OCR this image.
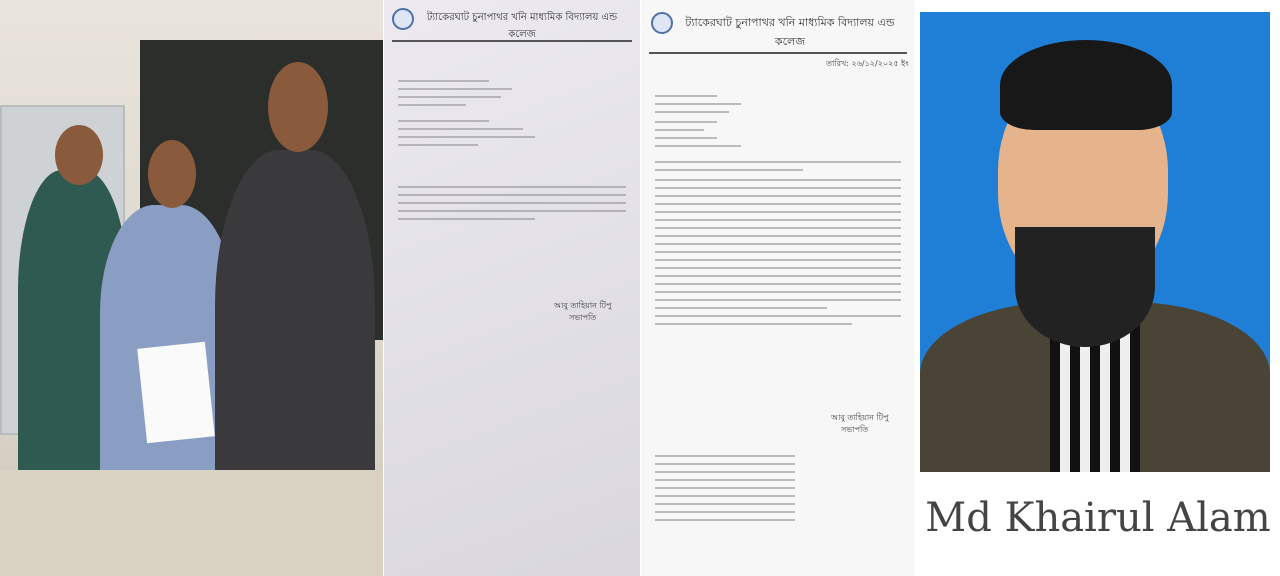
ট্যাকেরঘাট চুনাপাথর খনি মাধ্যমিক বিদ্যালয় এন্ড কলেজ
আবু তাহিয়ান টিপু
সভাপতি
ট্যাকেরঘাট চুনাপাথর খনি মাধ্যমিক বিদ্যালয় এন্ড কলেজ
তারিখ: ২৬/১২/২০২৫ ইং
আবু তাহিয়ান টিপু
সভাপতি
Md Khairul Alam
